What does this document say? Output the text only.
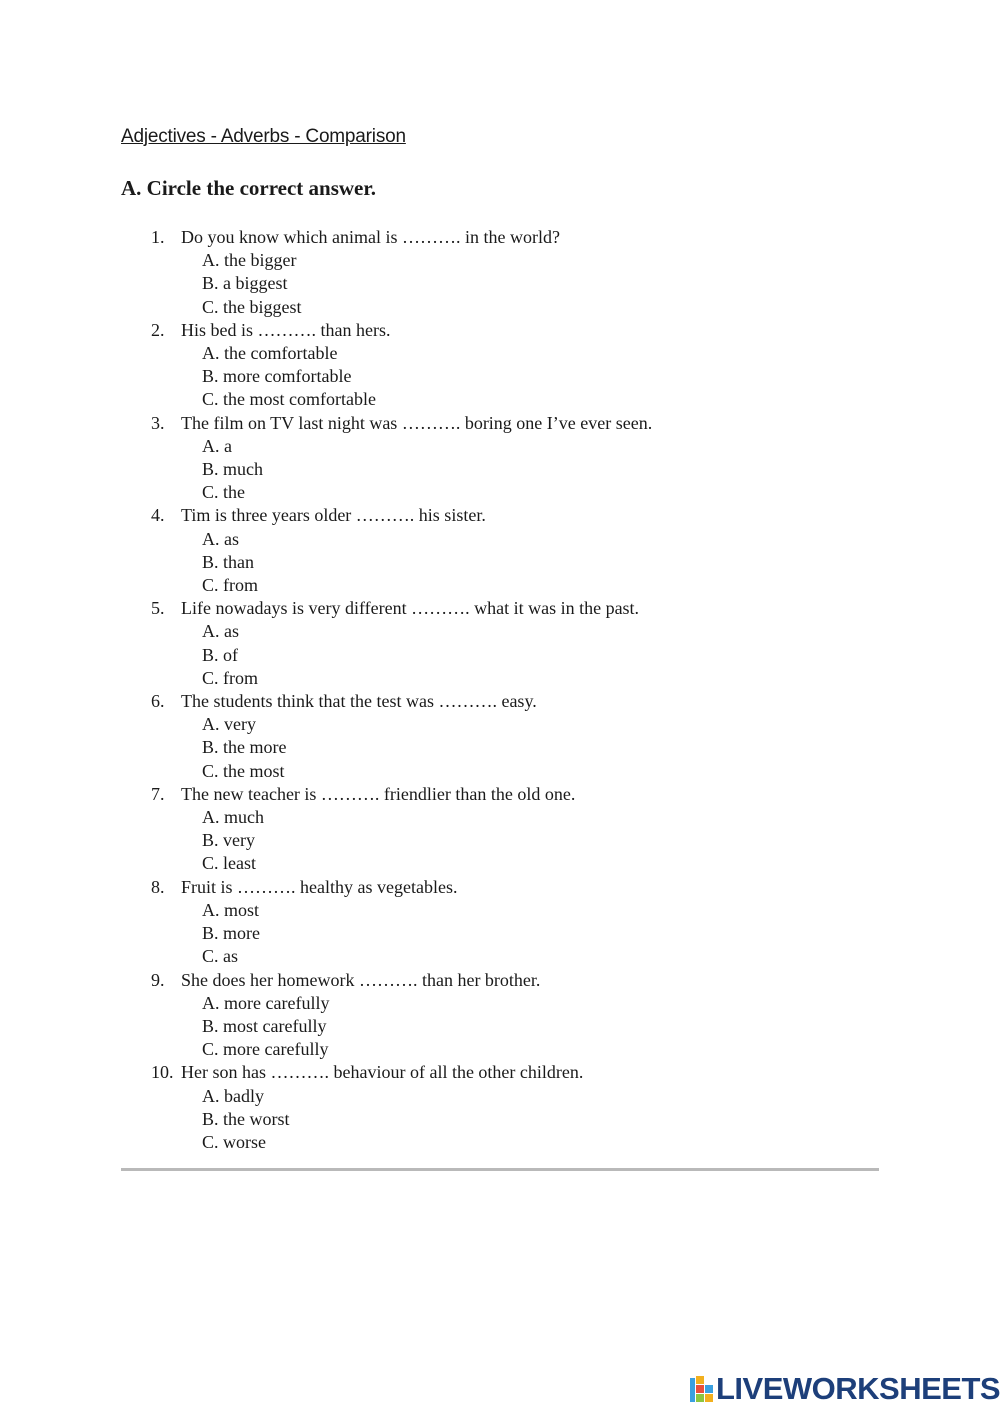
Adjectives - Adverbs - Comparison
A. Circle the correct answer.
1. Do you know which animal is ………. in the world?
A. the bigger
B. a biggest
C. the biggest
2. His bed is ………. than hers.
A. the comfortable
B. more comfortable
C. the most comfortable
3. The film on TV last night was ………. boring one I’ve ever seen.
A. a
B. much
C. the
4. Tim is three years older ………. his sister.
A. as
B. than
C. from
5. Life nowadays is very different ………. what it was in the past.
A. as
B. of
C. from
6. The students think that the test was ………. easy.
A. very
B. the more
C. the most
7. The new teacher is ………. friendlier than the old one.
A. much
B. very
C. least
8. Fruit is ………. healthy as vegetables.
A. most
B. more
C. as
9. She does her homework ………. than her brother.
A. more carefully
B. most carefully
C. more carefully
10. Her son has ………. behaviour of all the other children.
A. badly
B. the worst
C. worse
LIVEWORKSHEETS
